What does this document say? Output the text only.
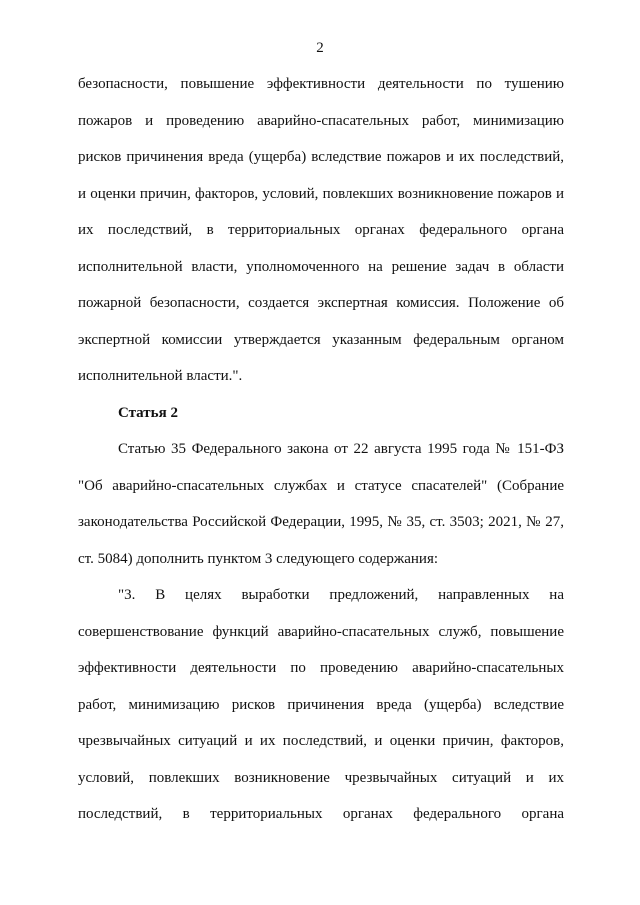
2
безопасности, повышение эффективности деятельности по тушению
пожаров и проведению аварийно-спасательных работ, минимизацию
рисков причинения вреда (ущерба) вследствие пожаров и их последствий,
и оценки причин, факторов, условий, повлекших возникновение пожаров и
их последствий, в территориальных органах федерального органа
исполнительной власти, уполномоченного на решение задач в области
пожарной безопасности, создается экспертная комиссия. Положение об
экспертной комиссии утверждается указанным федеральным органом
исполнительной власти.".
Статья 2
Статью 35 Федерального закона от 22 августа 1995 года № 151-ФЗ
"Об аварийно-спасательных службах и статусе спасателей" (Собрание
законодательства Российской Федерации, 1995, № 35, ст. 3503; 2021, № 27,
ст. 5084) дополнить пунктом 3 следующего содержания:
"3. В целях выработки предложений, направленных на
совершенствование функций аварийно-спасательных служб, повышение
эффективности деятельности по проведению аварийно-спасательных
работ, минимизацию рисков причинения вреда (ущерба) вследствие
чрезвычайных ситуаций и их последствий, и оценки причин, факторов,
условий, повлекших возникновение чрезвычайных ситуаций и их
последствий, в территориальных органах федерального органа
